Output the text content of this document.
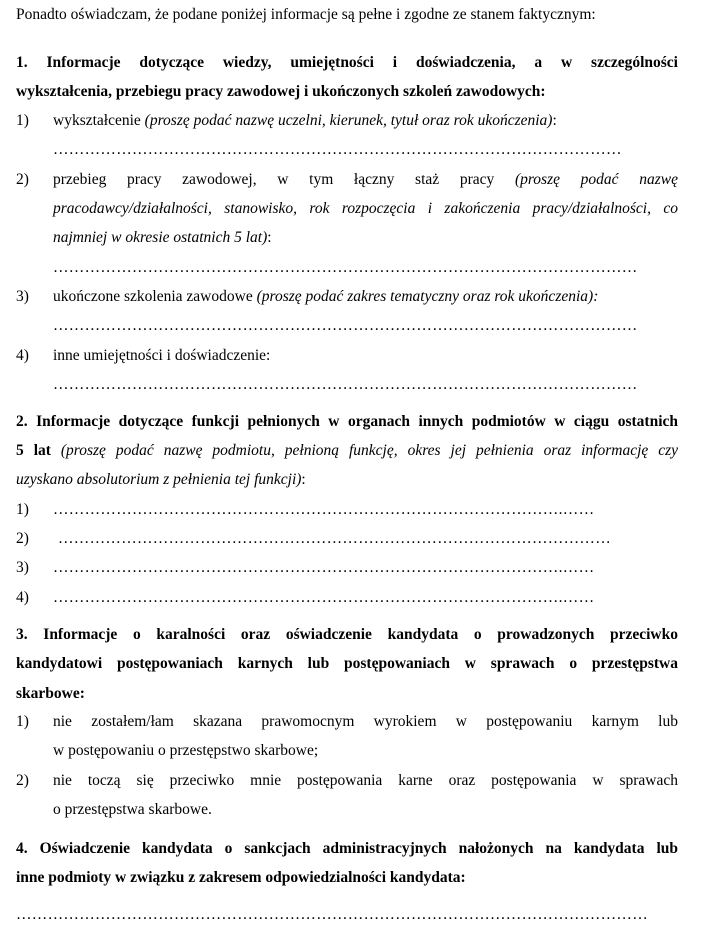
Ponadto oświadczam, że podane poniżej informacje są pełne i zgodne ze stanem faktycznym:
1. Informacje dotyczące wiedzy, umiejętności i doświadczenia, a w szczególności
wykształcenia, przebiegu pracy zawodowej i ukończonych szkoleń zawodowych:
1)	wykształcenie (proszę podać nazwę uczelni, kierunek, tytuł oraz rok ukończenia):
………………………………………………………………………………………………
2)	przebieg pracy zawodowej, w tym łączny staż pracy (proszę podać nazwę
pracodawcy/działalności, stanowisko, rok rozpoczęcia i zakończenia pracy/działalności, co
najmniej w okresie ostatnich 5 lat):
…………………………………………………………………………………………………
3)	ukończone szkolenia zawodowe (proszę podać zakres tematyczny oraz rok ukończenia):
…………………………………………………………………………………………………
4)	inne umiejętności i doświadczenie:
…………………………………………………………………………………………………
2. Informacje dotyczące funkcji pełnionych w organach innych podmiotów w ciągu ostatnich
5 lat (proszę podać nazwę podmiotu, pełnioną funkcję, okres jej pełnienia oraz informację czy
uzyskano absolutorium z pełnienia tej funkcji):
1)	…………………………………………………………………………………….……
2)	……………………………………………………………………………………………
3)	…………………………………………………………………………………….……
4)	…………………………………………………………………………………….……
3. Informacje o karalności oraz oświadczenie kandydata o prowadzonych przeciwko
kandydatowi postępowaniach karnych lub postępowaniach w sprawach o przestępstwa
skarbowe:
1)	nie zostałem/łam skazana prawomocnym wyrokiem w postępowaniu karnym lub
w postępowaniu o przestępstwo skarbowe;
2)	nie toczą się przeciwko mnie postępowania karne oraz postępowania w sprawach
o przestępstwa skarbowe.
4. Oświadczenie kandydata o sankcjach administracyjnych nałożonych na kandydata lub
inne podmioty w związku z zakresem odpowiedzialności kandydata:
…………………………………………………………………………………………………………
